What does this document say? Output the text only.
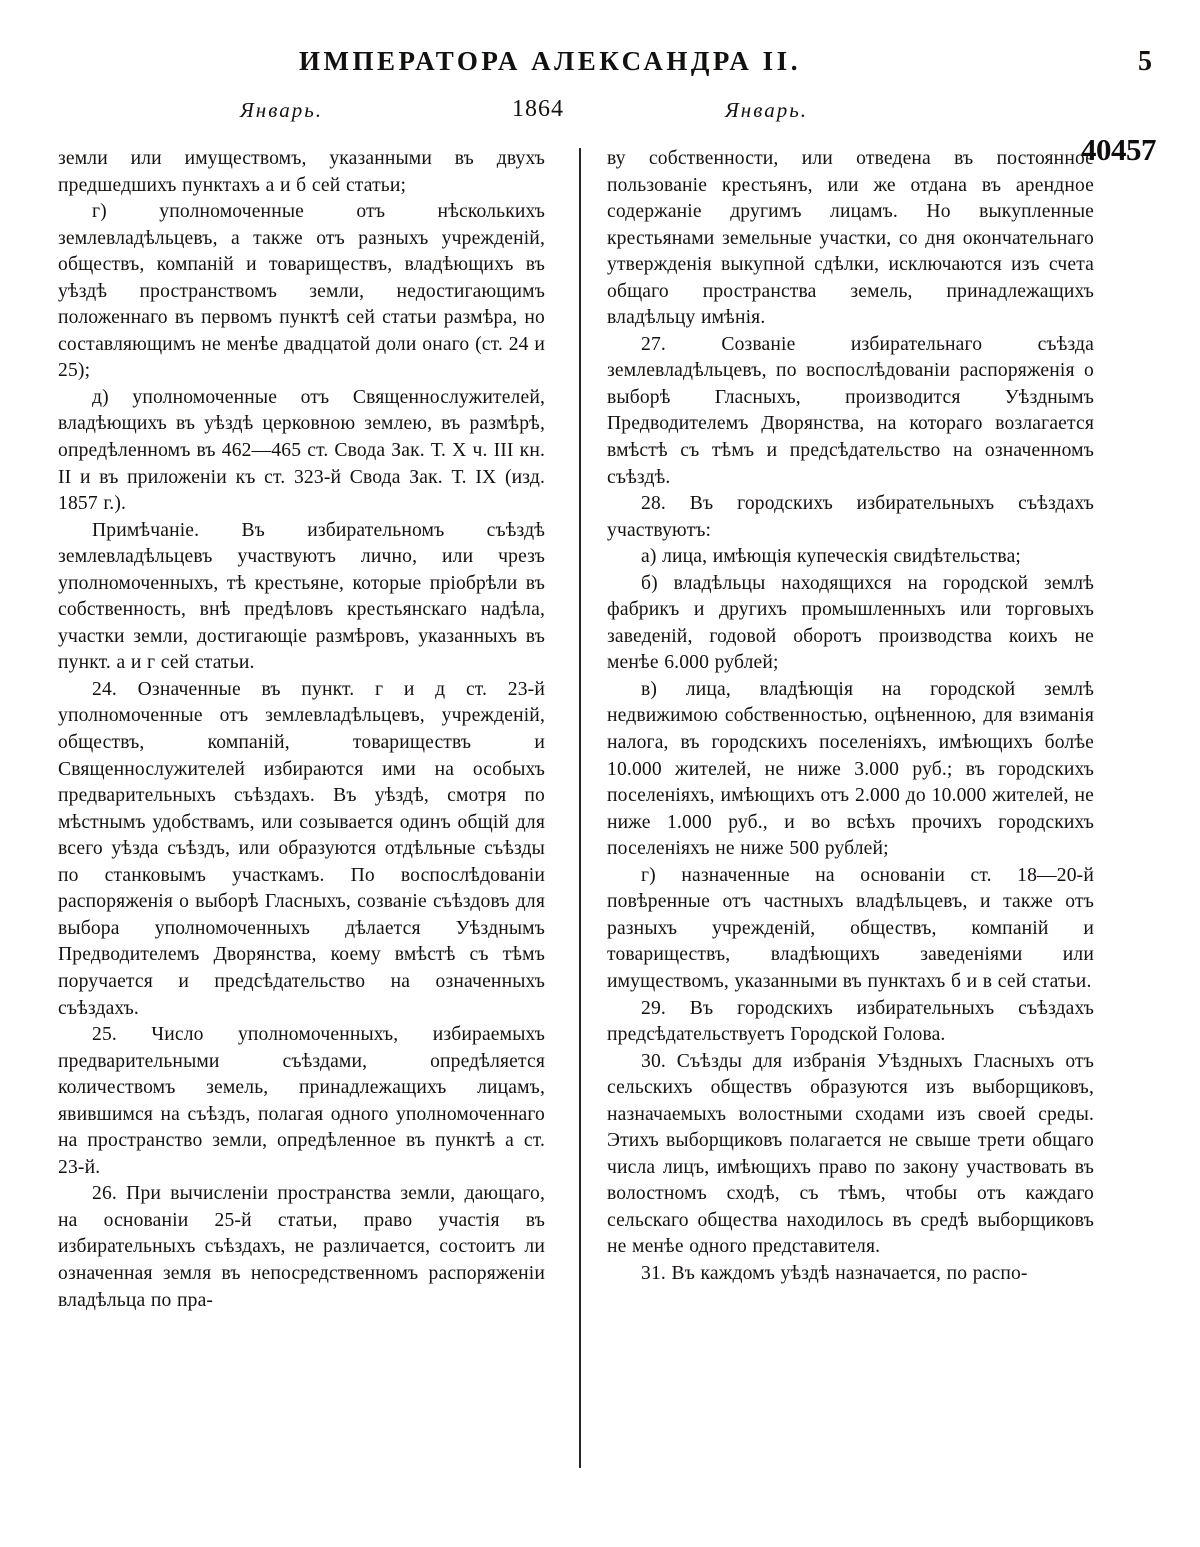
ИМПЕРАТОРА АЛЕКСАНДРА II.	5
Январь.	1864	Январь.
40457

земли или имуществомъ, указанными въ двухъ предшедшихъ пунктахъ а и б сей статьи;

г) уполномоченные отъ нѣсколькихъ землевладѣльцевъ, а также отъ разныхъ учрежденій, обществъ, компаній и товариществъ, владѣющихъ въ уѣздѣ пространствомъ земли, недостигающимъ положеннаго въ первомъ пунктѣ сей статьи размѣра, но составляющимъ не менѣе двадцатой доли онаго (ст. 24 и 25);

д) уполномоченные отъ Священнослужителей, владѣющихъ въ уѣздѣ церковною землею, въ размѣрѣ, опредѣленномъ въ 462—465 ст. Свода Зак. Т. X ч. III кн. II и въ приложеніи къ ст. 323-й Свода Зак. Т. IX (изд. 1857 г.).

Примѣчаніе. Въ избирательномъ съѣздѣ землевладѣльцевъ участвуютъ лично, или чрезъ уполномоченныхъ, тѣ крестьяне, которые пріобрѣли въ собственность, внѣ предѣловъ крестьянскаго надѣла, участки земли, достигающіе размѣровъ, указанныхъ въ пункт. а и г сей статьи.

24. Означенные въ пункт. г и д ст. 23-й уполномоченные отъ землевладѣльцевъ, учрежденій, обществъ, компаній, товариществъ и Священнослужителей избираются ими на особыхъ предварительныхъ съѣздахъ. Въ уѣздѣ, смотря по мѣстнымъ удобствамъ, или созывается одинъ общій для всего уѣзда съѣздъ, или образуются отдѣльные съѣзды по станковымъ участкамъ. По воспослѣдованіи распоряженія о выборѣ Гласныхъ, созваніе съѣздовъ для выбора уполномоченныхъ дѣлается Уѣзднымъ Предводителемъ Дворянства, коему вмѣстѣ съ тѣмъ поручается и предсѣдательство на означенныхъ съѣздахъ.

25. Число уполномоченныхъ, избираемыхъ предварительными съѣздами, опредѣляется количествомъ земель, принадлежащихъ лицамъ, явившимся на съѣздъ, полагая одного уполномоченнаго на пространство земли, опредѣленное въ пунктѣ а ст. 23-й.

26. При вычисленіи пространства земли, дающаго, на основаніи 25-й статьи, право участія въ избирательныхъ съѣздахъ, не различается, состоитъ ли означенная земля въ непосредственномъ распоряженіи владѣльца по пра-

ву собственности, или отведена въ постоянное пользованіе крестьянъ, или же отдана въ арендное содержаніе другимъ лицамъ. Но выкупленные крестьянами земельные участки, со дня окончательнаго утвержденія выкупной сдѣлки, исключаются изъ счета общаго пространства земель, принадлежащихъ владѣльцу имѣнія.

27. Созваніе избирательнаго съѣзда землевладѣльцевъ, по воспослѣдованіи распоряженія о выборѣ Гласныхъ, производится Уѣзднымъ Предводителемъ Дворянства, на котораго возлагается вмѣстѣ съ тѣмъ и предсѣдательство на означенномъ съѣздѣ.

28. Въ городскихъ избирательныхъ съѣздахъ участвуютъ:

а) лица, имѣющія купеческія свидѣтельства;

б) владѣльцы находящихся на городской землѣ фабрикъ и другихъ промышленныхъ или торговыхъ заведеній, годовой оборотъ производства коихъ не менѣе 6.000 рублей;

в) лица, владѣющія на городской землѣ недвижимою собственностью, оцѣненною, для взиманія налога, въ городскихъ поселеніяхъ, имѣющихъ болѣе 10.000 жителей, не ниже 3.000 руб.; въ городскихъ поселеніяхъ, имѣющихъ отъ 2.000 до 10.000 жителей, не ниже 1.000 руб., и во всѣхъ прочихъ городскихъ поселеніяхъ не ниже 500 рублей;

г) назначенные на основаніи ст. 18—20-й повѣренные отъ частныхъ владѣльцевъ, и также отъ разныхъ учрежденій, обществъ, компаній и товариществъ, владѣющихъ заведеніями или имуществомъ, указанными въ пунктахъ б и в сей статьи.

29. Въ городскихъ избирательныхъ съѣздахъ предсѣдательствуетъ Городской Голова.

30. Съѣзды для избранія Уѣздныхъ Гласныхъ отъ сельскихъ обществъ образуются изъ выборщиковъ, назначаемыхъ волостными сходами изъ своей среды. Этихъ выборщиковъ полагается не свыше трети общаго числа лицъ, имѣющихъ право по закону участвовать въ волостномъ сходѣ, съ тѣмъ, чтобы отъ каждаго сельскаго общества находилось въ средѣ выборщиковъ не менѣе одного представителя.

31. Въ каждомъ уѣздѣ назначается, по распо-
